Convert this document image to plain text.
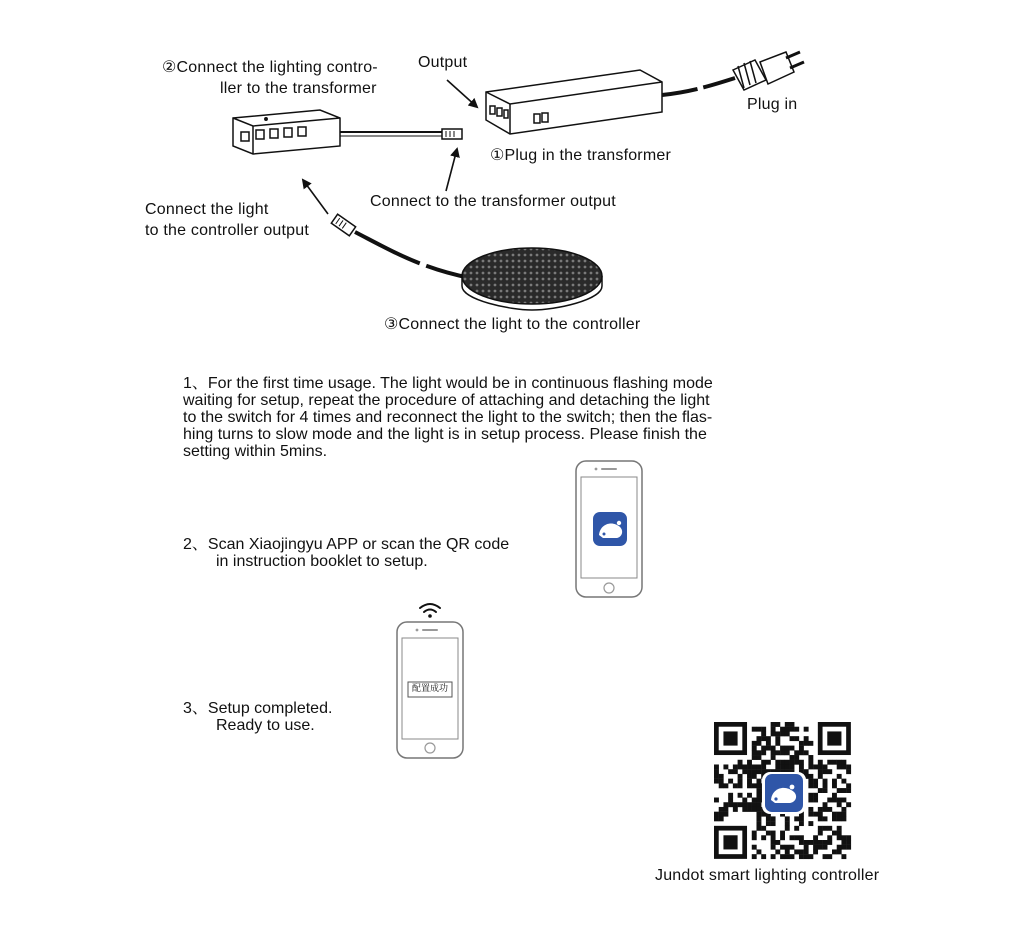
②Connect the lighting contro-
ller to the transformer
Output
Plug in
①Plug in the transformer
Connect to the transformer output
Connect the light
to the controller output
③Connect the light to the controller
1、For the first time usage. The light would be in continuous flashing mode
waiting for setup, repeat the procedure of attaching and detaching the light
to the switch for 4 times and reconnect the light to the switch; then the flas-
hing turns to slow mode and the light is in setup process. Please finish the
setting within 5mins.
2、Scan Xiaojingyu APP or scan the QR code
in instruction booklet to setup.
3、Setup completed.
Ready to use.
配置成功
Jundot smart lighting controller
